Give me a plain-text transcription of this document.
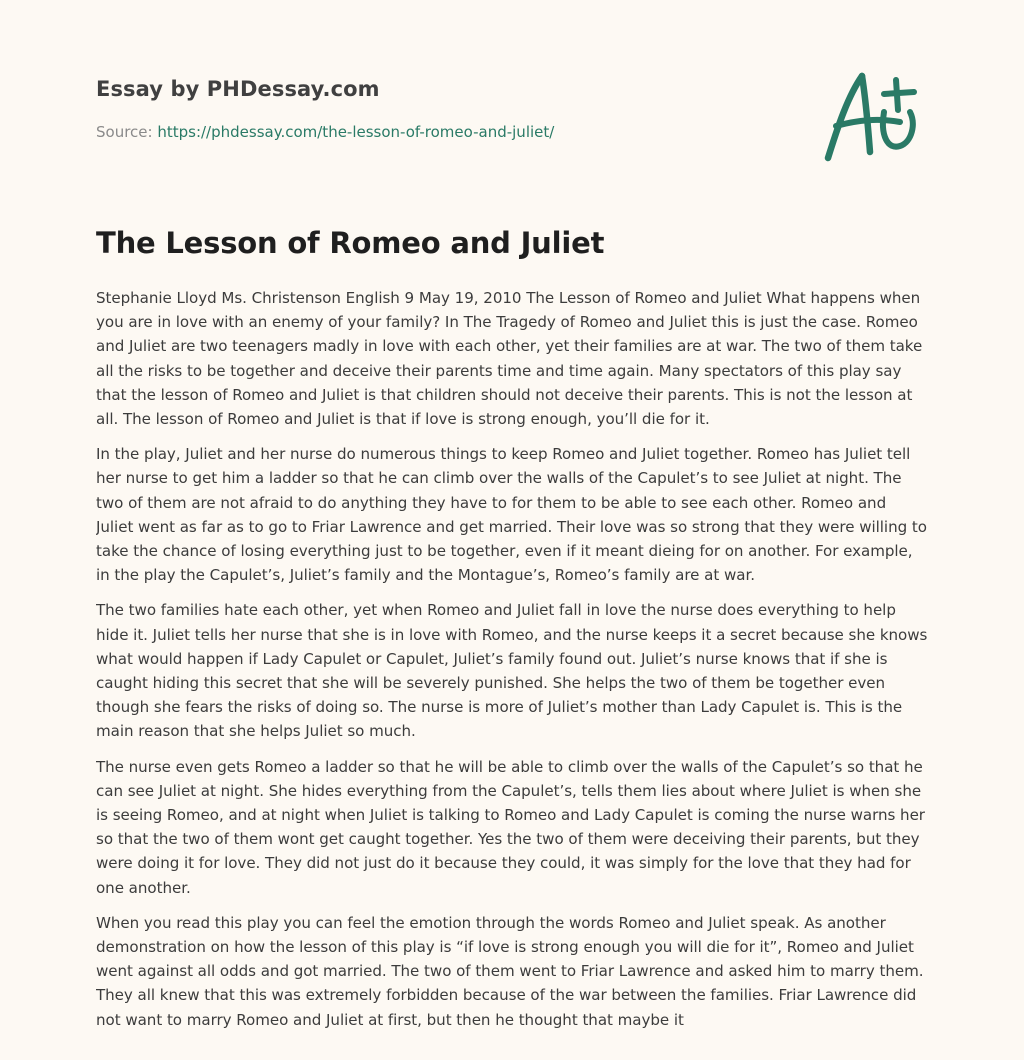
Essay by PHDessay.com
Source: https://phdessay.com/the-lesson-of-romeo-and-juliet/
The Lesson of Romeo and Juliet

Stephanie Lloyd Ms. Christenson English 9 May 19, 2010 The Lesson of Romeo and Juliet What happens when you are in love with an enemy of your family? In The Tragedy of Romeo and Juliet this is just the case. Romeo and Juliet are two teenagers madly in love with each other, yet their families are at war. The two of them take all the risks to be together and deceive their parents time and time again. Many spectators of this play say that the lesson of Romeo and Juliet is that children should not deceive their parents. This is not the lesson at all. The lesson of Romeo and Juliet is that if love is strong enough, you’ll die for it.

In the play, Juliet and her nurse do numerous things to keep Romeo and Juliet together. Romeo has Juliet tell her nurse to get him a ladder so that he can climb over the walls of the Capulet’s to see Juliet at night. The two of them are not afraid to do anything they have to for them to be able to see each other. Romeo and Juliet went as far as to go to Friar Lawrence and get married. Their love was so strong that they were willing to take the chance of losing everything just to be together, even if it meant dieing for on another. For example, in the play the Capulet’s, Juliet’s family and the Montague’s, Romeo’s family are at war.

The two families hate each other, yet when Romeo and Juliet fall in love the nurse does everything to help hide it. Juliet tells her nurse that she is in love with Romeo, and the nurse keeps it a secret because she knows what would happen if Lady Capulet or Capulet, Juliet’s family found out. Juliet’s nurse knows that if she is caught hiding this secret that she will be severely punished. She helps the two of them be together even though she fears the risks of doing so. The nurse is more of Juliet’s mother than Lady Capulet is. This is the main reason that she helps Juliet so much.

The nurse even gets Romeo a ladder so that he will be able to climb over the walls of the Capulet’s so that he can see Juliet at night. She hides everything from the Capulet’s, tells them lies about where Juliet is when she is seeing Romeo, and at night when Juliet is talking to Romeo and Lady Capulet is coming the nurse warns her so that the two of them wont get caught together. Yes the two of them were deceiving their parents, but they were doing it for love. They did not just do it because they could, it was simply for the love that they had for one another.

When you read this play you can feel the emotion through the words Romeo and Juliet speak. As another demonstration on how the lesson of this play is “if love is strong enough you will die for it”, Romeo and Juliet went against all odds and got married. The two of them went to Friar Lawrence and asked him to marry them. They all knew that this was extremely forbidden because of the war between the families. Friar Lawrence did not want to marry Romeo and Juliet at first, but then he thought that maybe it
